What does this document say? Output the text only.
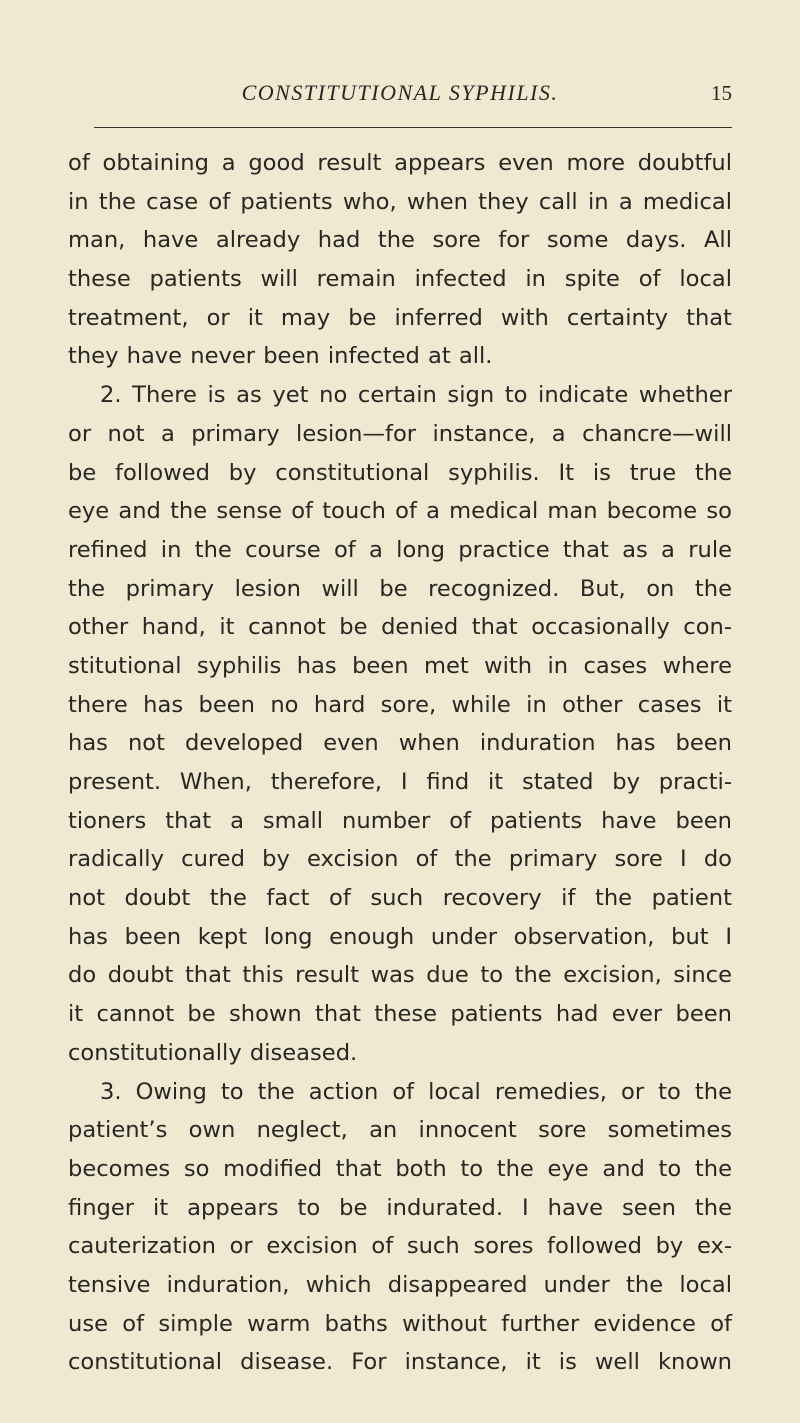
CONSTITUTIONAL SYPHILIS.	15
of obtaining a good result appears even more doubtful
in the case of patients who, when they call in a medical
man, have already had the sore for some days. All
these patients will remain infected in spite of local
treatment, or it may be inferred with certainty that
they have never been infected at all.
2. There is as yet no certain sign to indicate whether
or not a primary lesion—for instance, a chancre—will
be followed by constitutional syphilis. It is true the
eye and the sense of touch of a medical man become so
refined in the course of a long practice that as a rule
the primary lesion will be recognized. But, on the
other hand, it cannot be denied that occasionally con-
stitutional syphilis has been met with in cases where
there has been no hard sore, while in other cases it
has not developed even when induration has been
present. When, therefore, I find it stated by practi-
tioners that a small number of patients have been
radically cured by excision of the primary sore I do
not doubt the fact of such recovery if the patient
has been kept long enough under observation, but I
do doubt that this result was due to the excision, since
it cannot be shown that these patients had ever been
constitutionally diseased.
3. Owing to the action of local remedies, or to the
patient’s own neglect, an innocent sore sometimes
becomes so modified that both to the eye and to the
finger it appears to be indurated. I have seen the
cauterization or excision of such sores followed by ex-
tensive induration, which disappeared under the local
use of simple warm baths without further evidence of
constitutional disease. For instance, it is well known
